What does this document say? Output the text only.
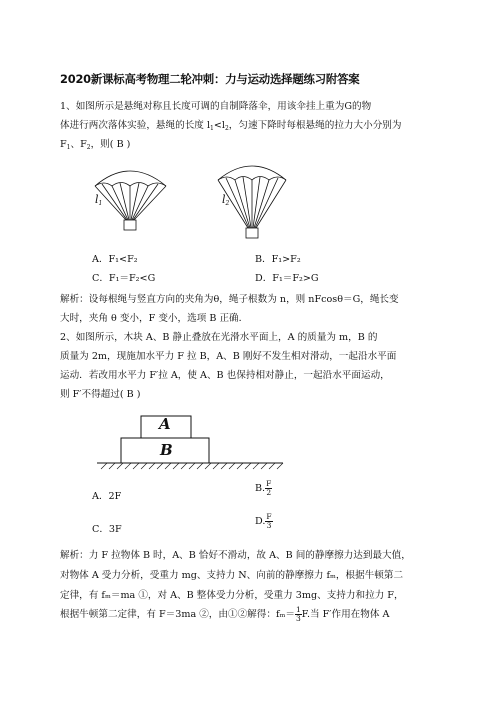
2020新课标高考物理二轮冲刺：力与运动选择题练习附答案
1、如图所示是悬绳对称且长度可调的自制降落伞，用该伞挂上重为G的物
体进行两次落体实验，悬绳的长度 $l_1<l_2$，匀速下降时每根悬绳的拉力大小分别为
$F_1$、$F_2$，则( B )
$l_1$	$l_2$
A．F₁<F₂	B．F₁>F₂
C．F₁＝F₂<G	D．F₁＝F₂>G
解析：设每根绳与竖直方向的夹角为θ，绳子根数为 n，则 nFcosθ＝G，绳长变
大时，夹角 θ 变小，F 变小，选项 B 正确．
2、如图所示，木块 A、B 静止叠放在光滑水平面上，A 的质量为 m，B 的
质量为 2m，现施加水平力 F 拉 B，A、B 刚好不发生相对滑动，一起沿水平面
运动．若改用水平力 F′拉 A，使 A、B 也保持相对静止，一起沿水平面运动，
则 F′不得超过( B )
A
B
A．2F
B. $\frac{F}{2}$
C．3F
D. $\frac{F}{3}$
解析：力 F 拉物体 B 时，A、B 恰好不滑动，故 A、B 间的静摩擦力达到最大值，
对物体 A 受力分析，受重力 mg、支持力 N、向前的静摩擦力 fₘ，根据牛顿第二
定律，有 fₘ＝ma ①，对 A、B 整体受力分析，受重力 3mg、支持力和拉力 F，
根据牛顿第二定律，有 F＝3ma ②，由①②解得：$f_m= \frac{1}{3} F$.当 F′作用在物体 A
